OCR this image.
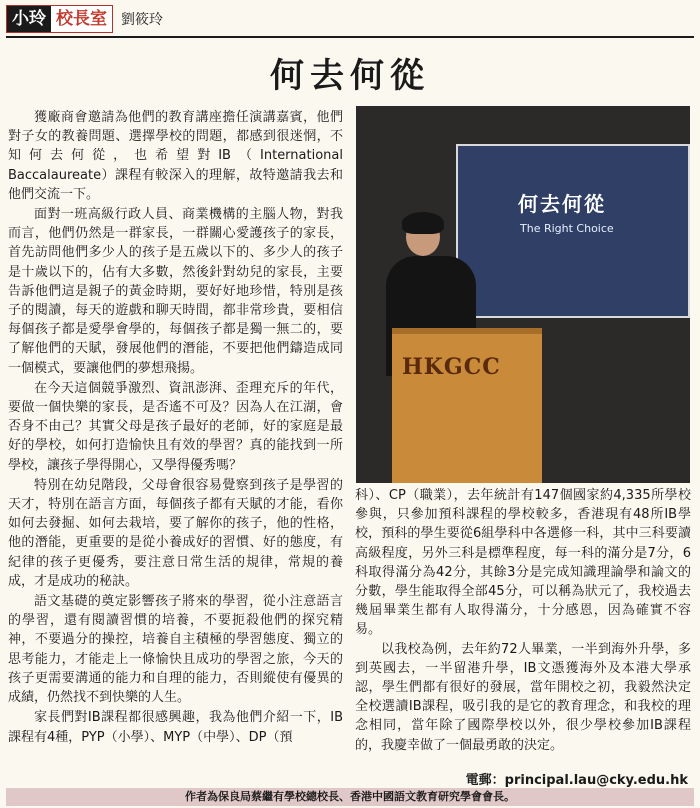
小玲 校長室	劉筱玲
何去何從

獲廠商會邀請為他們的教育講座擔任演講嘉賓，他們對子女的教養問題、選擇學校的問題，都感到很迷惘，不知何去何從，也希望對IB（International Baccalaureate）課程有較深入的理解，故特邀請我去和他們交流一下。

面對一班高級行政人員、商業機構的主腦人物，對我而言，他們仍然是一群家長，一群關心愛護孩子的家長，首先訪問他們多少人的孩子是五歲以下的、多少人的孩子是十歲以下的，佔有大多數，然後針對幼兒的家長，主要告訴他們這是親子的黃金時期，要好好地珍惜，特別是孩子的閱讀，每天的遊戲和聊天時間，都非常珍貴，要相信每個孩子都是愛學會學的，每個孩子都是獨一無二的，要了解他們的天賦，發展他們的潛能，不要把他們鑄造成同一個模式，要讓他們的夢想飛揚。

在今天這個競爭激烈、資訊澎湃、歪理充斥的年代，要做一個快樂的家長，是否遙不可及？因為人在江湖，會否身不由己？其實父母是孩子最好的老師，好的家庭是最好的學校，如何打造愉快且有效的學習？真的能找到一所學校，讓孩子學得開心，又學得優秀嗎？

特別在幼兒階段，父母會很容易覺察到孩子是學習的天才，特別在語言方面，每個孩子都有天賦的才能，看你如何去發掘、如何去栽培，要了解你的孩子，他的性格，他的潛能，更重要的是從小養成好的習慣、好的態度，有紀律的孩子更優秀，要注意日常生活的規律，常規的養成，才是成功的秘訣。

語文基礎的奠定影響孩子將來的學習，從小注意語言的學習，還有閱讀習慣的培養，不要扼殺他們的探究精神，不要過分的操控，培養自主積極的學習態度、獨立的思考能力，才能走上一條愉快且成功的學習之旅，今天的孩子更需要溝通的能力和自理的能力，否則縱使有優異的成績，仍然找不到快樂的人生。

家長們對IB課程都很感興趣，我為他們介紹一下，IB課程有4種，PYP（小學）、MYP（中學）、DP（預

何去何從
The Right Choice
HKGCC

科）、CP（職業），去年統計有147個國家約4,335所學校參與，只參加預科課程的學校較多，香港現有48所IB學校，預科的學生要從6組學科中各選修一科，其中三科要讀高級程度，另外三科是標準程度，每一科的滿分是7分，6科取得滿分為42分，其餘3分是完成知識理論學和論文的分數，學生能取得全部45分，可以稱為狀元了，我校過去幾屆畢業生都有人取得滿分，十分感恩，因為確實不容易。

以我校為例，去年約72人畢業，一半到海外升學，多到英國去，一半留港升學，IB文憑獲海外及本港大學承認，學生們都有很好的發展，當年開校之初，我毅然決定全校選讀IB課程，吸引我的是它的教育理念，和我校的理念相同，當年除了國際學校以外，很少學校參加IB課程的，我慶幸做了一個最勇敢的決定。

電郵：principal.lau@cky.edu.hk
作者為保良局蔡繼有學校總校長、香港中國語文教育研究學會會長。
